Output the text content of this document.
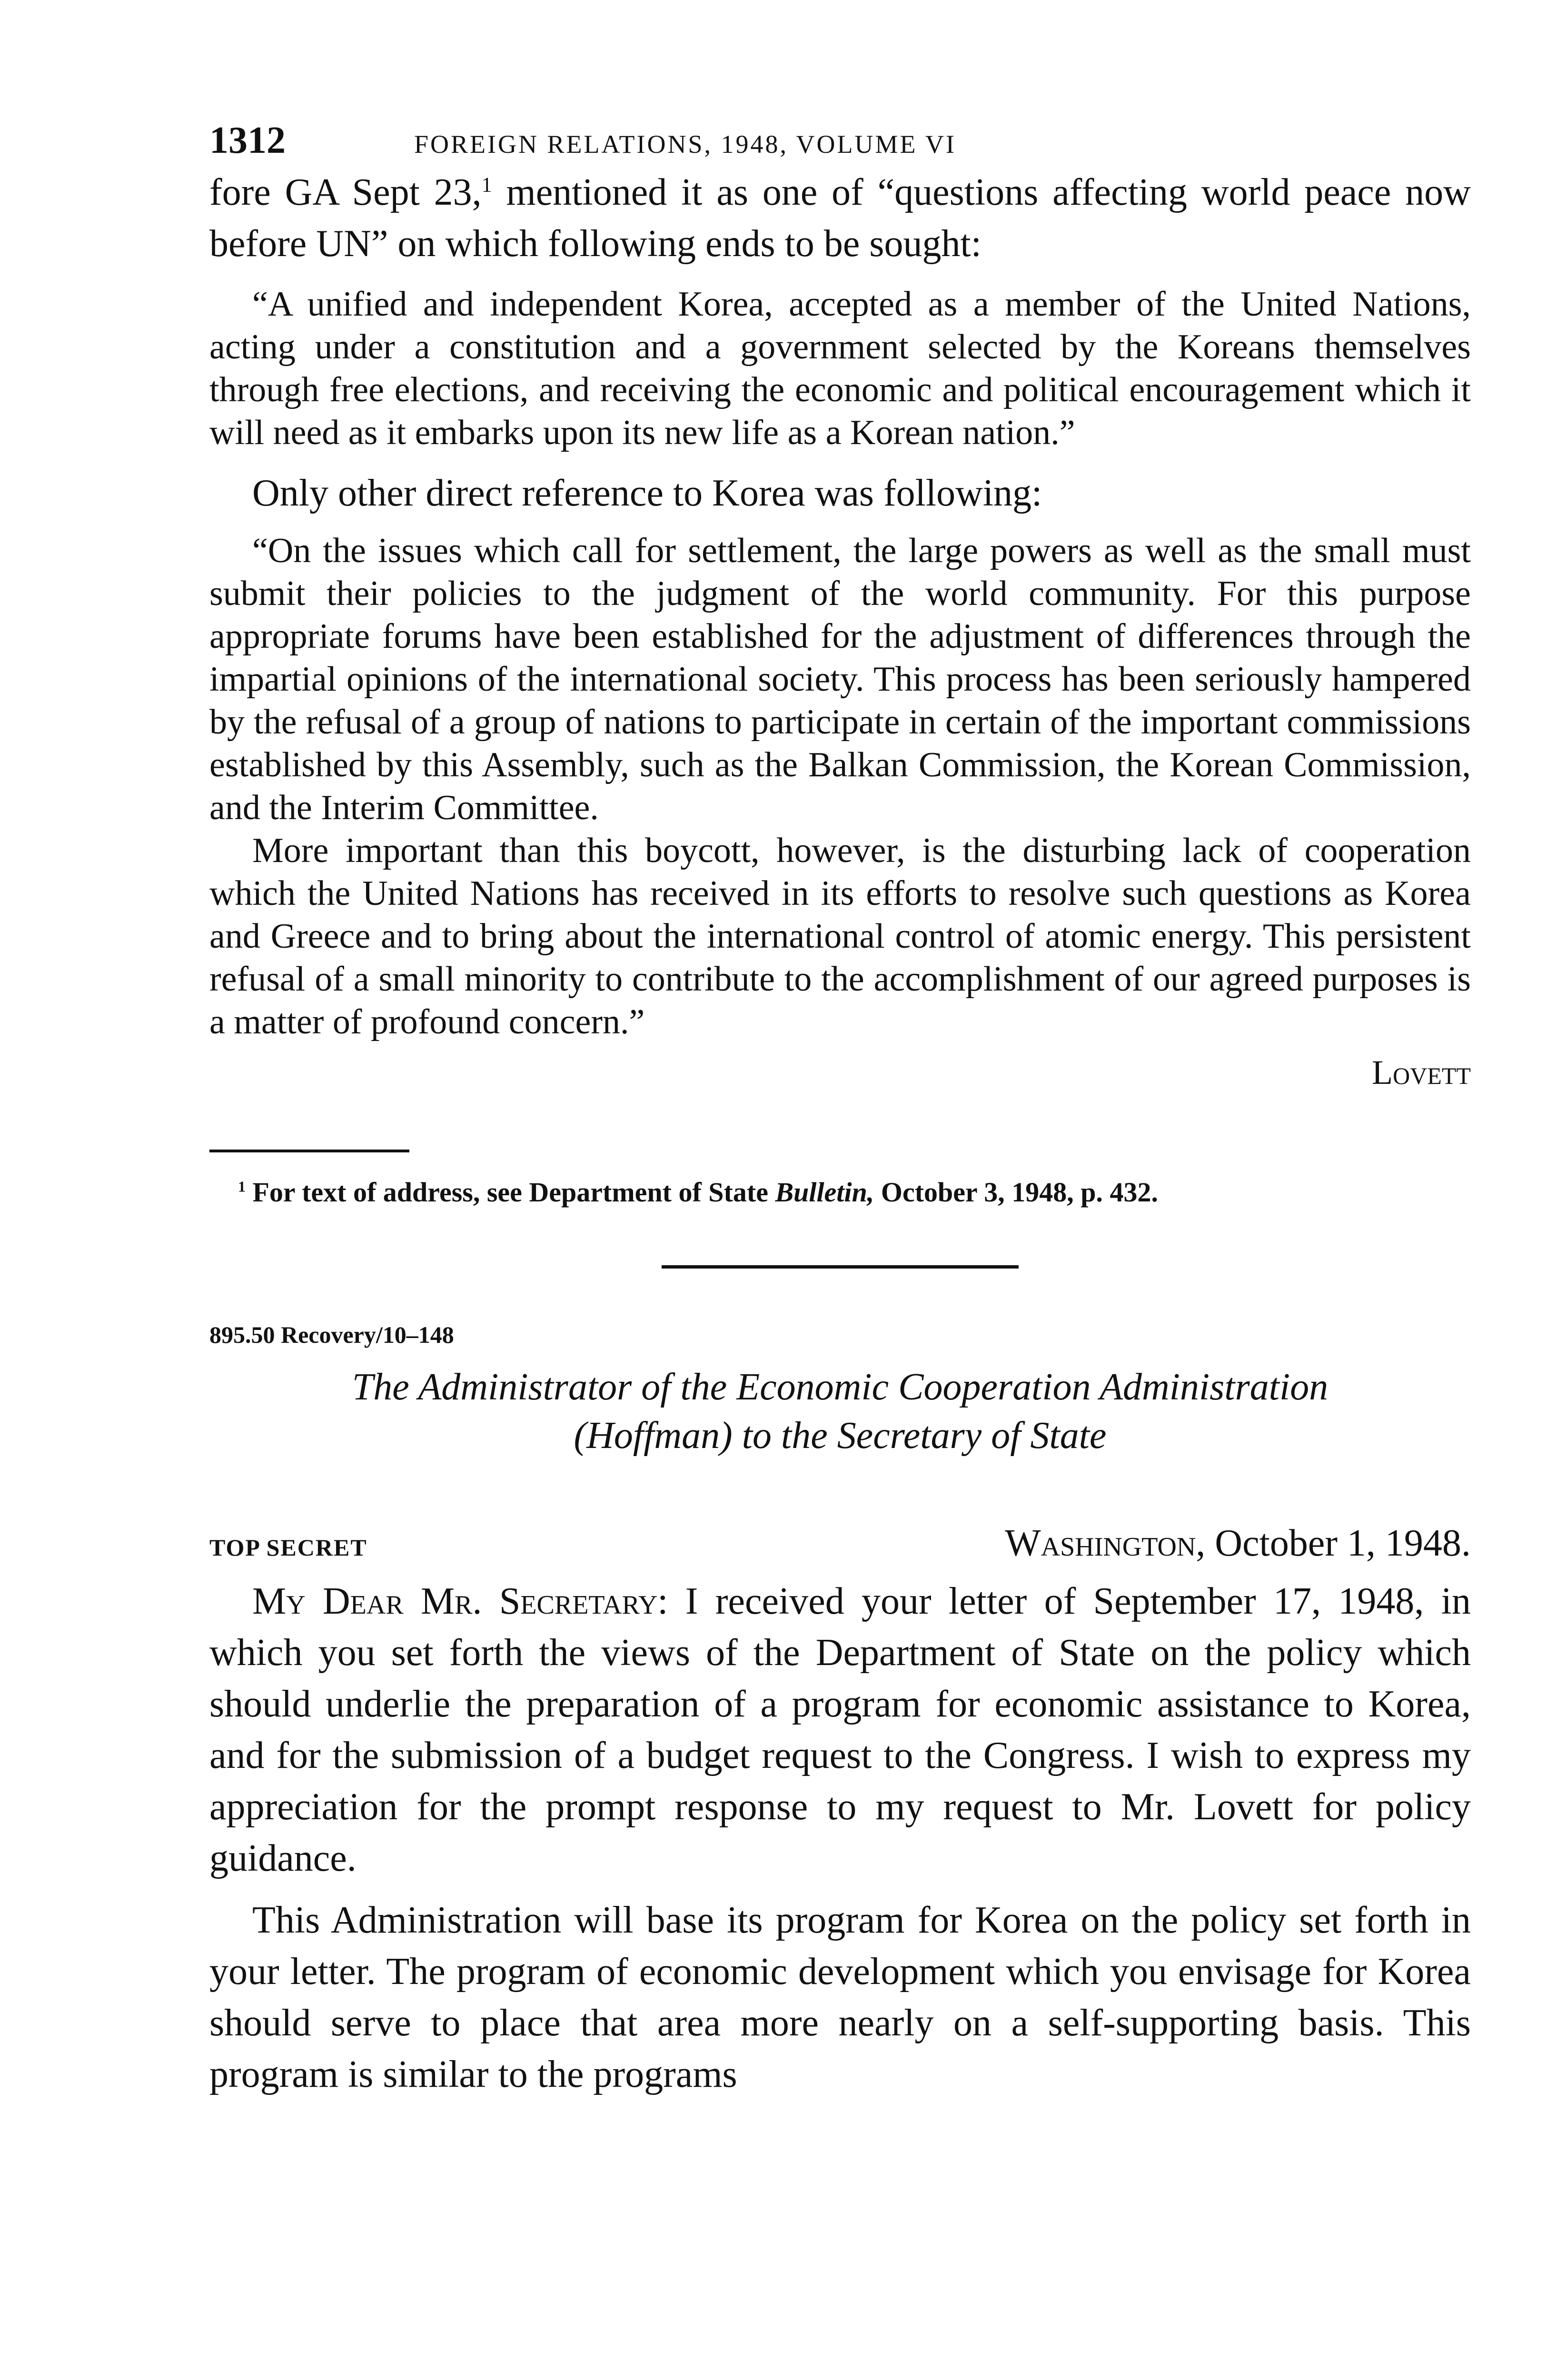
1312	FOREIGN RELATIONS, 1948, VOLUME VI

fore GA Sept 23,$^1$ mentioned it as one of “questions affecting world peace now before UN” on which following ends to be sought:

“A unified and independent Korea, accepted as a member of the United Nations, acting under a constitution and a government selected by the Koreans themselves through free elections, and receiving the economic and political encouragement which it will need as it embarks upon its new life as a Korean nation.”

Only other direct reference to Korea was following:

“On the issues which call for settlement, the large powers as well as the small must submit their policies to the judgment of the world community. For this purpose appropriate forums have been established for the adjustment of differences through the impartial opinions of the international society. This process has been seriously hampered by the refusal of a group of nations to participate in certain of the important commissions established by this Assembly, such as the Balkan Commission, the Korean Commission, and the Interim Committee.

More important than this boycott, however, is the disturbing lack of cooperation which the United Nations has received in its efforts to resolve such questions as Korea and Greece and to bring about the international control of atomic energy. This persistent refusal of a small minority to contribute to the accomplishment of our agreed purposes is a matter of profound concern.”

Lovett

$^1$ For text of address, see Department of State Bulletin, October 3, 1948, p. 432.

895.50 Recovery/10–148
The Administrator of the Economic Cooperation Administration
(Hoffman) to the Secretary of State
TOP SECRET	Washington, October 1, 1948.

My Dear Mr. Secretary: I received your letter of September 17, 1948, in which you set forth the views of the Department of State on the policy which should underlie the preparation of a program for economic assistance to Korea, and for the submission of a budget request to the Congress. I wish to express my appreciation for the prompt response to my request to Mr. Lovett for policy guidance.

This Administration will base its program for Korea on the policy set forth in your letter. The program of economic development which you envisage for Korea should serve to place that area more nearly on a self-supporting basis. This program is similar to the programs
